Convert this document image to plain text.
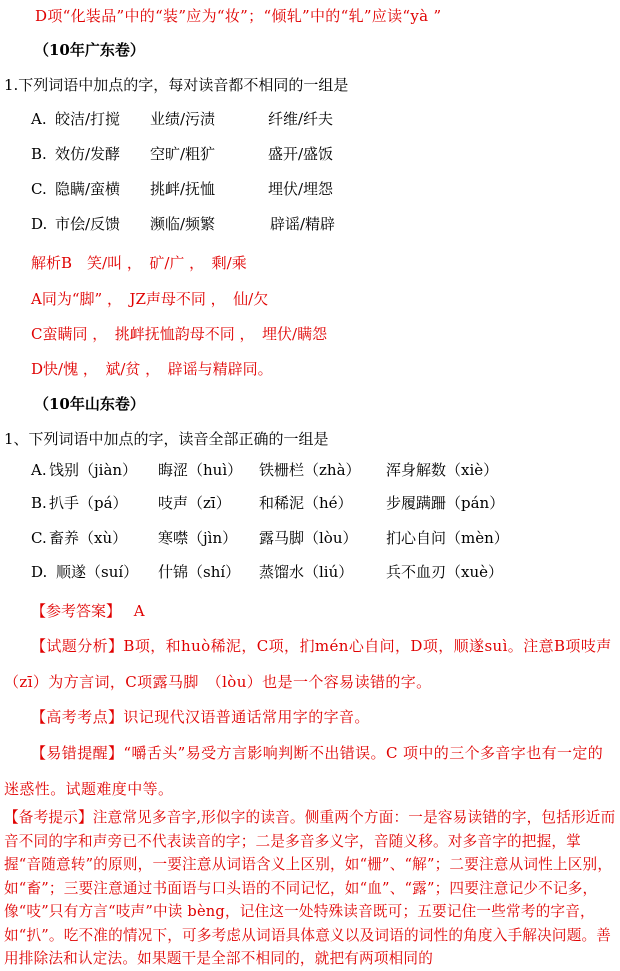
D项“化装品”中的“装”应为“妆”；“倾轧”中的“轧”应读“yà ”
（10年广东卷）
1.下列词语中加点的字，每对读音都不相同的一组是
A. 皎洁/打搅 业绩/污渍	纤维/纤夫
B. 效仿/发酵 空旷/粗犷	盛开/盛饭
C. 隐瞒/蛮横 挑衅/抚恤	埋伏/埋怨
D. 市侩/反馈 濒临/频繁	辟谣/精辟
解析B　笑/叫 ，　矿/广 ，　剩/乘
A同为“脚” ，　JZ声母不同 ，　仙/欠
C蛮瞒同 ，　挑衅抚恤韵母不同 ，　埋伏/瞒怨
D快/愧 ，　斌/贫 ，　辟谣与精辟同。
（10年山东卷）
1、下列词语中加点的字，读音全部正确的一组是
A. 饯别（jiàn） 晦涩（huì） 铁栅栏（zhà） 浑身解数（xiè）
B. 扒手（pá） 吱声（zī） 和稀泥（hé） 步履蹒跚（pán）
C. 畜养（xù） 寒噤（jìn） 露马脚（lòu） 扪心自问（mèn）
D. 顺遂（suí） 什锦（shí） 蒸馏水（liú） 兵不血刃（xuè）
【参考答案】 A
【试题分析】B项，和huò稀泥，C项，扪mén心自问，D项，顺遂suì。注意B项吱声
（zī）为方言词，C项露马脚　（lòu）也是一个容易读错的字。
【高考考点】识记现代汉语普通话常用字的字音。
【易错提醒】“嚼舌头”易受方言影响判断不出错误。C 项中的三个多音字也有一定的
迷惑性。试题难度中等。
【备考提示】注意常见多音字,形似字的读音。侧重两个方面：一是容易读错的字，包括形近而音不同的字和声旁已不代表读音的字；二是多音多义字，音随义移。对多音字的把握，掌握“音随意转”的原则，一要注意从词语含义上区别，如“栅”、“解”；二要注意从词性上区别，如“畜”；三要注意通过书面语与口头语的不同记忆，如“血”、“露”；四要注意记少不记多，像“吱”只有方言“吱声”中读 bèng，记住这一处特殊读音既可；五要记住一些常考的字音，如“扒”。吃不准的情况下，可多考虑从词语具体意义以及词语的词性的角度入手解决问题。善用排除法和认定法。如果题干是全部不相同的，就把有两项相同的
